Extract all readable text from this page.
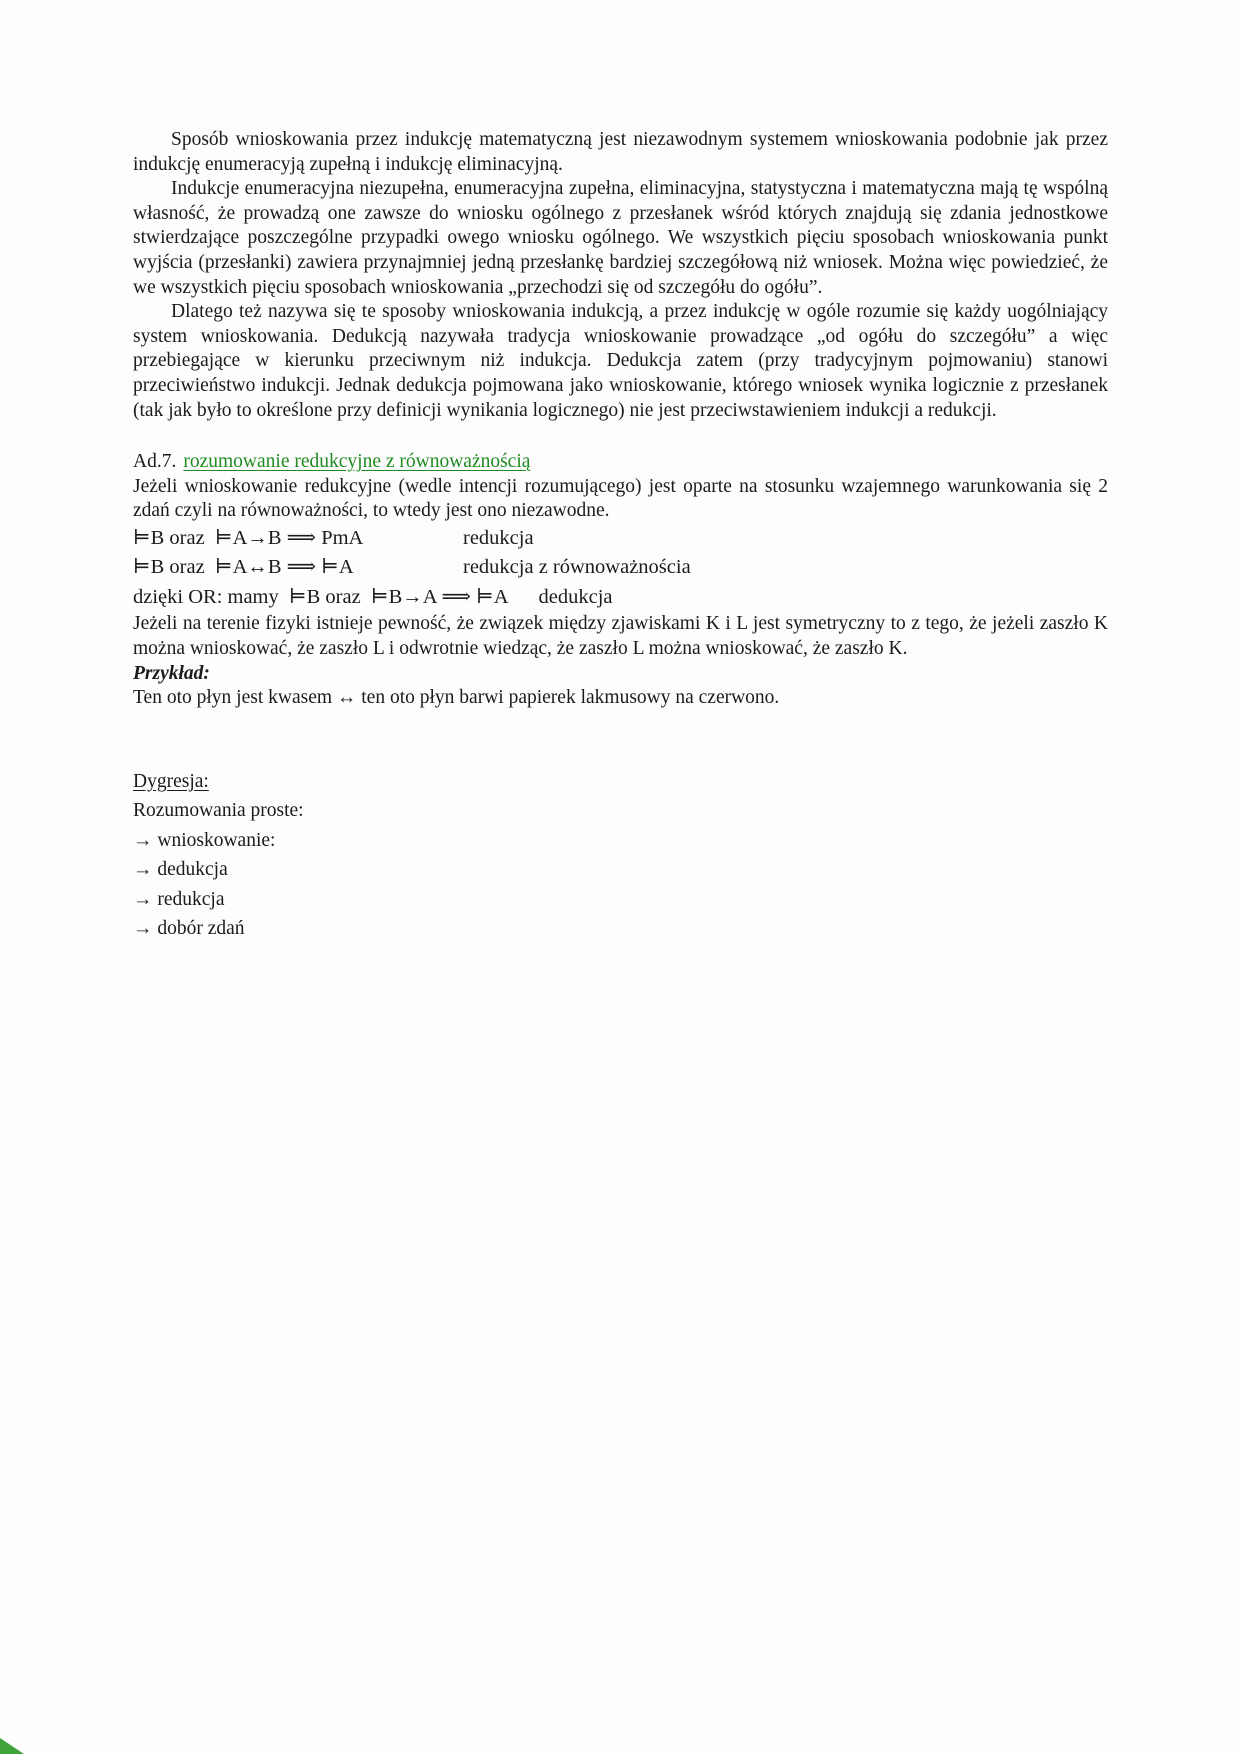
Sposób wnioskowania przez indukcję matematyczną jest niezawodnym systemem wnioskowania podobnie jak przez indukcję enumeracyją zupełną i indukcję eliminacyjną.

Indukcje enumeracyjna niezupełna, enumeracyjna zupełna, eliminacyjna, statystyczna i matematyczna mają tę wspólną własność, że prowadzą one zawsze do wniosku ogólnego z przesłanek wśród których znajdują się zdania jednostkowe stwierdzające poszczególne przypadki owego wniosku ogólnego. We wszystkich pięciu sposobach wnioskowania punkt wyjścia (przesłanki) zawiera przynajmniej jedną przesłankę bardziej szczegółową niż wniosek. Można więc powiedzieć, że we wszystkich pięciu sposobach wnioskowania „przechodzi się od szczegółu do ogółu”.

Dlatego też nazywa się te sposoby wnioskowania indukcją, a przez indukcję w ogóle rozumie się każdy uogólniający system wnioskowania. Dedukcją nazywała tradycja wnioskowanie prowadzące „od ogółu do szczegółu” a więc przebiegające w kierunku przeciwnym niż indukcja. Dedukcja zatem (przy tradycyjnym pojmowaniu) stanowi przeciwieństwo indukcji. Jednak dedukcja pojmowana jako wnioskowanie, którego wniosek wynika logicznie z przesłanek (tak jak było to określone przy definicji wynikania logicznego) nie jest przeciwstawieniem indukcji a redukcji.

Ad.7. rozumowanie redukcyjne z równoważnością

Jeżeli wnioskowanie redukcyjne (wedle intencji rozumującego) jest oparte na stosunku wzajemnego warunkowania się 2 zdań czyli na równoważności, to wtedy jest ono niezawodne.

⊨B oraz  ⊨A→B ⟹ PmA	redukcja
⊨B oraz  ⊨A↔B ⟹ ⊨A	redukcja z równoważnościa
dzięki OR: mamy  ⊨B oraz  ⊨B→A ⟹ ⊨A dedukcja

Jeżeli na terenie fizyki istnieje pewność, że związek między zjawiskami K i L jest symetryczny to z tego, że jeżeli zaszło K można wnioskować, że zaszło L i odwrotnie wiedząc, że zaszło L można wnioskować, że zaszło K.

Przykład:

Ten oto płyn jest kwasem ↔ ten oto płyn barwi papierek lakmusowy na czerwono.

Dygresja:

Rozumowania proste:

→ wnioskowanie:

→ dedukcja

→ redukcja

→ dobór zdań
